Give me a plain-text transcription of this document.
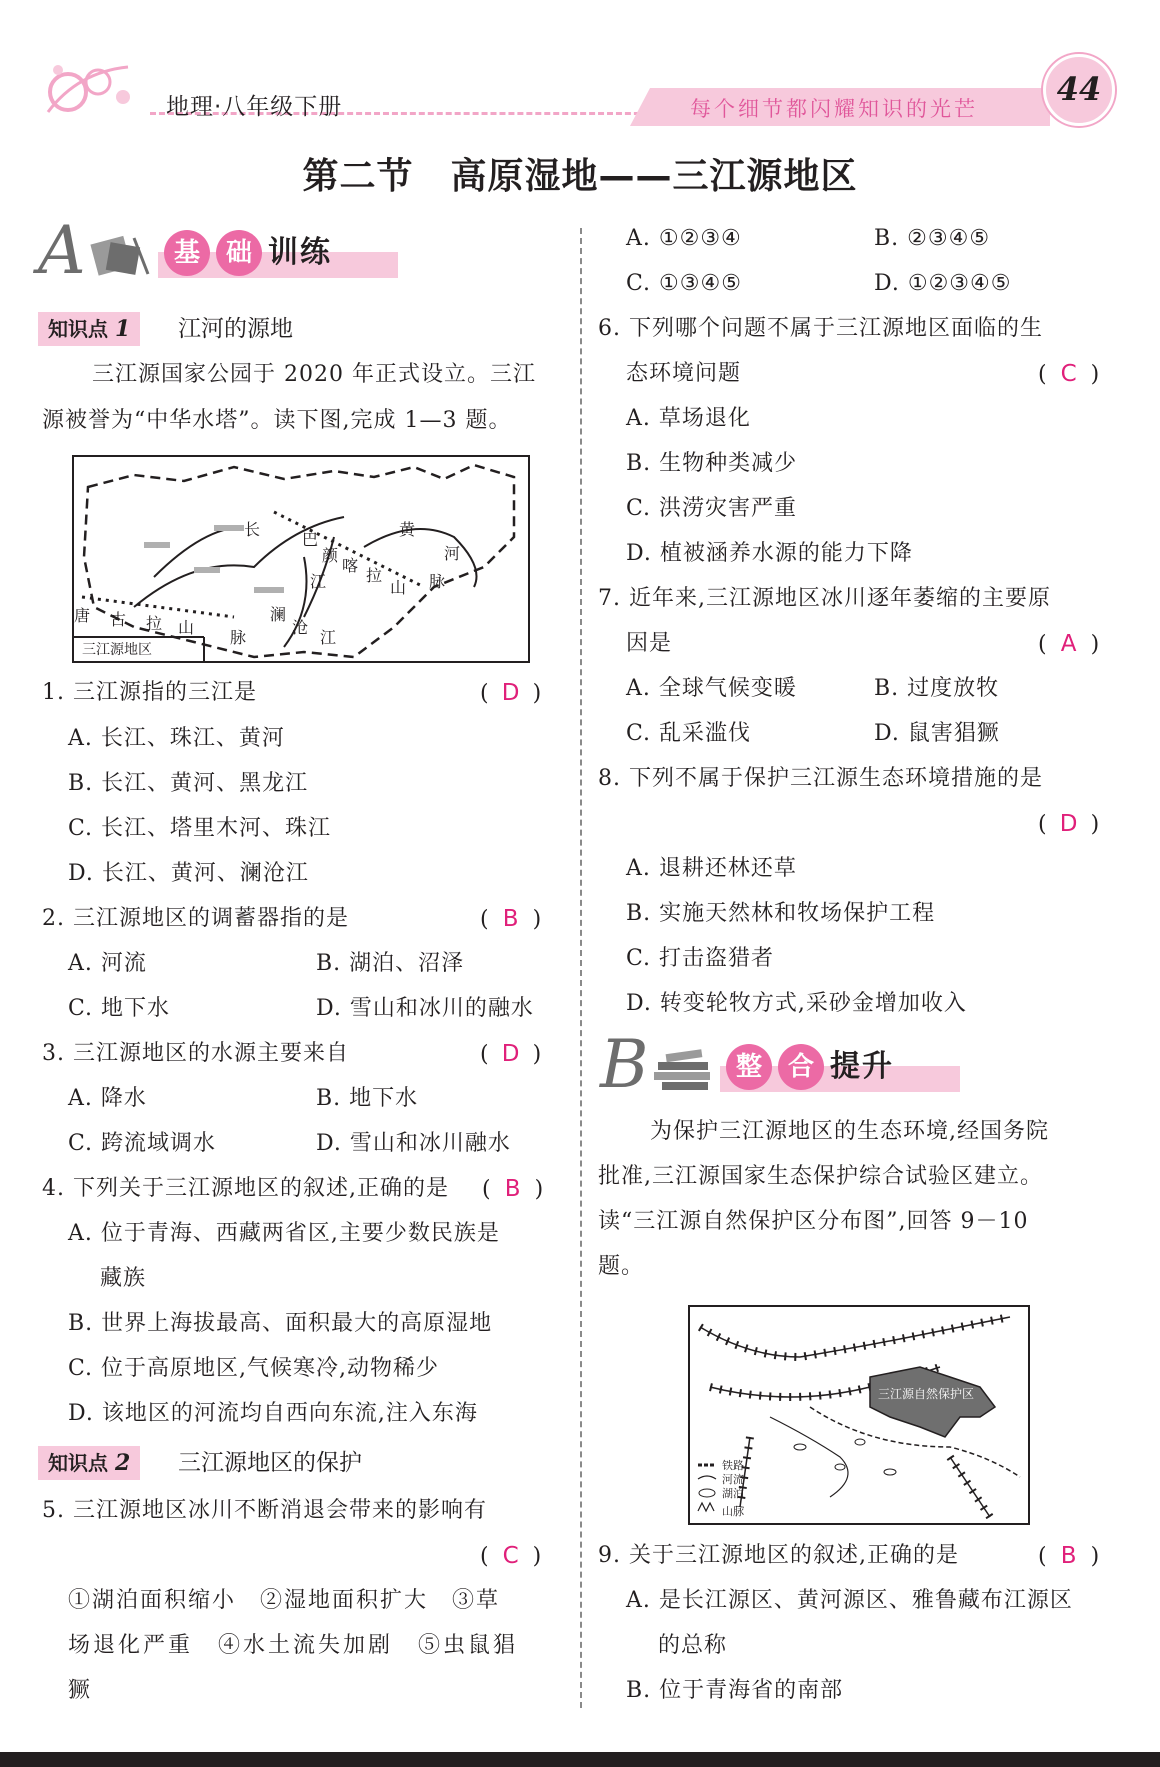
地理·八年级下册	每个细节都闪耀知识的光芒
44
第二节　高原湿地——三江源地区
A	基 础 训练
知识点 1	江河的源地
三江源国家公园于 2020 年正式设立。三江
源被誉为“中华水塔”。读下图,完成 1—3 题。
三江源地区
长
江
黄
河
巴
颜
喀
拉
山 脉
唐 古 拉 山
脉
澜
沧
江
1. 三江源指的三江是	( D )
A. 长江、珠江、黄河
B. 长江、黄河、黑龙江
C. 长江、塔里木河、珠江
D. 长江、黄河、澜沧江
2. 三江源地区的调蓄器指的是	( B )
A. 河流	B. 湖泊、沼泽
C. 地下水	D. 雪山和冰川的融水
3. 三江源地区的水源主要来自	( D )
A. 降水	B. 地下水
C. 跨流域调水	D. 雪山和冰川融水
4. 下列关于三江源地区的叙述,正确的是 ( B )
A. 位于青海、西藏两省区,主要少数民族是
藏族
B. 世界上海拔最高、面积最大的高原湿地
C. 位于高原地区,气候寒冷,动物稀少
D. 该地区的河流均自西向东流,注入东海
知识点 2	三江源地区的保护
5. 三江源地区冰川不断消退会带来的影响有
( C )
①湖泊面积缩小　②湿地面积扩大　③草
场退化严重　④水土流失加剧　⑤虫鼠猖
獗
A. ①②③④	B. ②③④⑤
C. ①③④⑤	D. ①②③④⑤
6. 下列哪个问题不属于三江源地区面临的生
态环境问题	( C )
A. 草场退化
B. 生物种类减少
C. 洪涝灾害严重
D. 植被涵养水源的能力下降
7. 近年来,三江源地区冰川逐年萎缩的主要原
因是	( A )
A. 全球气候变暖	B. 过度放牧
C. 乱采滥伐	D. 鼠害猖獗
8. 下列不属于保护三江源生态环境措施的是
( D )
A. 退耕还林还草
B. 实施天然林和牧场保护工程
C. 打击盗猎者
D. 转变轮牧方式,采砂金增加收入
B	整 合 提升
为保护三江源地区的生态环境,经国务院
批准,三江源国家生态保护综合试验区建立。
读“三江源自然保护区分布图”,回答 9－10
题。
三江源自然保护区
铁路
河流
湖泊
山脉
9. 关于三江源地区的叙述,正确的是	( B )
A. 是长江源区、黄河源区、雅鲁藏布江源区
的总称
B. 位于青海省的南部
